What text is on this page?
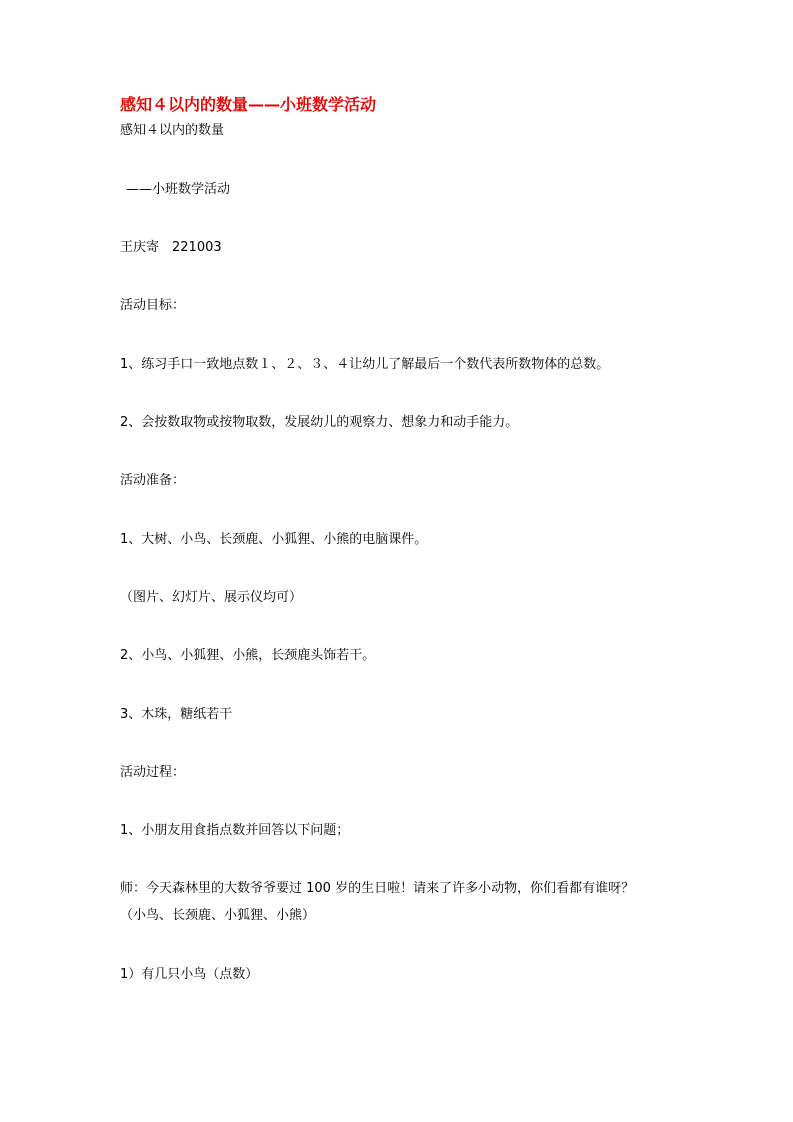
感知４以内的数量——小班数学活动
感知４以内的数量
——小班数学活动
王庆寄　221003
活动目标：
1、练习手口一致地点数１、２、３、４让幼儿了解最后一个数代表所数物体的总数。
2、会按数取物或按物取数，发展幼儿的观察力、想象力和动手能力。
活动准备：
1、大树、小鸟、长颈鹿、小狐狸、小熊的电脑课件。
（图片、幻灯片、展示仪均可）
2、小鸟、小狐狸、小熊，长颈鹿头饰若干。
3、木珠，糖纸若干
活动过程：
1、小朋友用食指点数并回答以下问题；
师：今天森林里的大数爷爷要过 100 岁的生日啦！请来了许多小动物，你们看都有谁呀？
（小鸟、长颈鹿、小狐狸、小熊）
1）有几只小鸟（点数）
